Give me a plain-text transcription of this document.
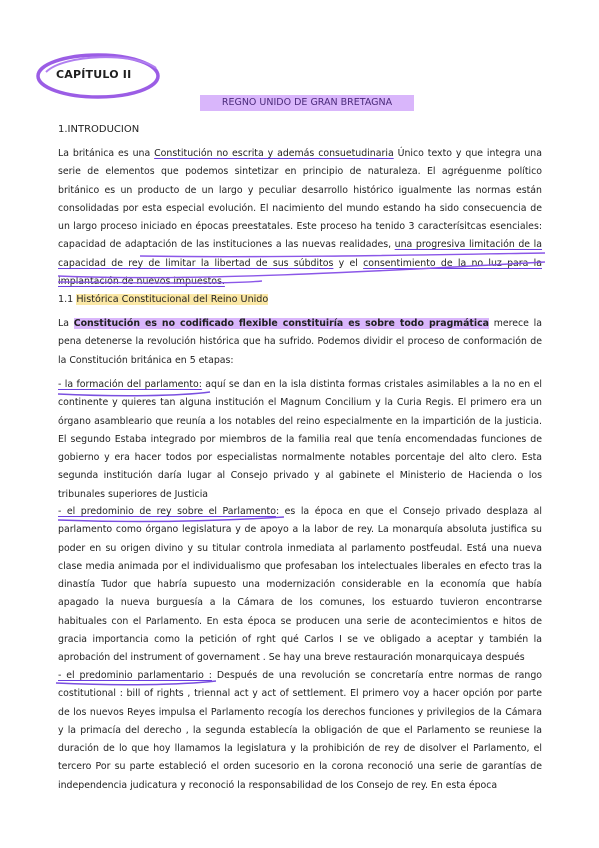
CAPÍTULO II
REGNO UNIDO DE GRAN BRETAGNA
1.INTRODUCION

La británica es una Constitución no escrita y además consuetudinaria Único texto y que integra una serie de elementos que podemos sintetizar en principio de naturaleza. El agréguenme político británico es un producto de un largo y peculiar desarrollo histórico igualmente las normas están consolidadas por esta especial evolución. El nacimiento del mundo estando ha sido consecuencia de un largo proceso iniciado en épocas preestatales. Este proceso ha tenido 3 caracterísitcas esenciales: capacidad de adaptación de las instituciones a las nuevas realidades, una progresiva limitación de la capacidad de rey de limitar la libertad de sus súbditos y el consentimiento de la no luz para la implantación de nuevos impuestos.

1.1 Histórica Constitucional del Reino Unido

La Constitución es no codificado flexible constituiría es sobre todo pragmática merece la pena detenerse la revolución histórica que ha sufrido. Podemos dividir el proceso de conformación de la Constitución británica en 5 etapas:

- la formación del parlamento: aquí se dan en la isla distinta formas cristales asimilables a la no en el continente y quieres tan alguna institución el Magnum Concilium y la Curia Regis. El primero era un órgano asambleario que reunía a los notables del reino especialmente en la impartición de la justicia. El segundo Estaba integrado por miembros de la familia real que tenía encomendadas funciones de gobierno y era hacer todos por especialistas normalmente notables porcentaje del alto clero. Esta segunda institución daría lugar al Consejo privado y al gabinete el Ministerio de Hacienda o los tribunales superiores de Justicia

- el predominio de rey sobre el Parlamento: es la época en que el Consejo privado desplaza al parlamento como órgano legislatura y de apoyo a la labor de rey. La monarquía absoluta justifica su poder en su origen divino y su titular controla inmediata al parlamento postfeudal. Está una nueva clase media animada por el individualismo que profesaban los intelectuales liberales en efecto tras la dinastía Tudor que habría supuesto una modernización considerable en la economía que había apagado la nueva burguesía a la Cámara de los comunes, los estuardo tuvieron encontrarse habituales con el Parlamento. En esta época se producen una serie de acontecimientos e hitos de gracia importancia como la petición of rght qué Carlos I se ve obligado a aceptar y también la aprobación del instrument of governament . Se hay una breve restauración monarquicaya después

- el predominio parlamentario : Después de una revolución se concretaría entre normas de rango costitutional : bill of rights , triennal act y act of settlement. El primero voy a hacer opción por parte de los nuevos Reyes impulsa el Parlamento recogía los derechos funciones y privilegios de la Cámara y la primacía del derecho , la segunda establecía la obligación de que el Parlamento se reuniese la duración de lo que hoy llamamos la legislatura y la prohibición de rey de disolver el Parlamento, el tercero Por su parte estableció el orden sucesorio en la corona reconoció una serie de garantías de independencia judicatura y reconoció la responsabilidad de los Consejo de rey. En esta época
